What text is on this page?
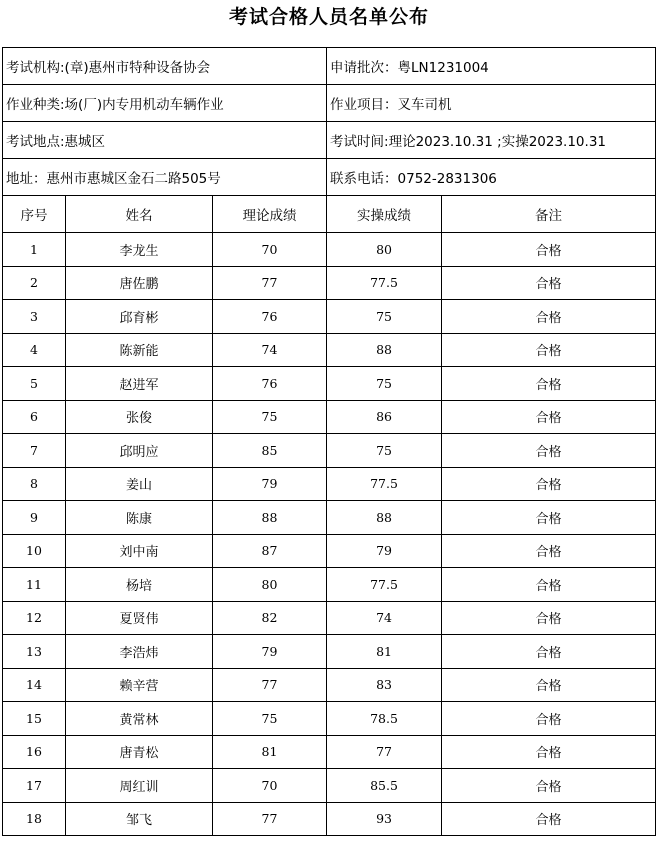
考试合格人员名单公布
考试机构:(章)惠州市特种设备协会			申请批次：粤LN1231004	
作业种类:场(厂)内专用机动车辆作业			作业项目：叉车司机	
考试地点:惠城区			考试时间:理论2023.10.31 ;实操2023.10.31	
地址：惠州市惠城区金石二路505号			联系电话：0752-2831306	
序号	姓名	理论成绩	实操成绩	备注
1	李龙生	70	80	合格
2	唐佐鹏	77	77.5	合格
3	邱育彬	76	75	合格
4	陈新能	74	88	合格
5	赵进军	76	75	合格
6	张俊	75	86	合格
7	邱明应	85	75	合格
8	姜山	79	77.5	合格
9	陈康	88	88	合格
10	刘中南	87	79	合格
11	杨培	80	77.5	合格
12	夏贤伟	82	74	合格
13	李浩炜	79	81	合格
14	赖辛营	77	83	合格
15	黄常林	75	78.5	合格
16	唐青松	81	77	合格
17	周红训	70	85.5	合格
18	邹飞	77	93	合格
